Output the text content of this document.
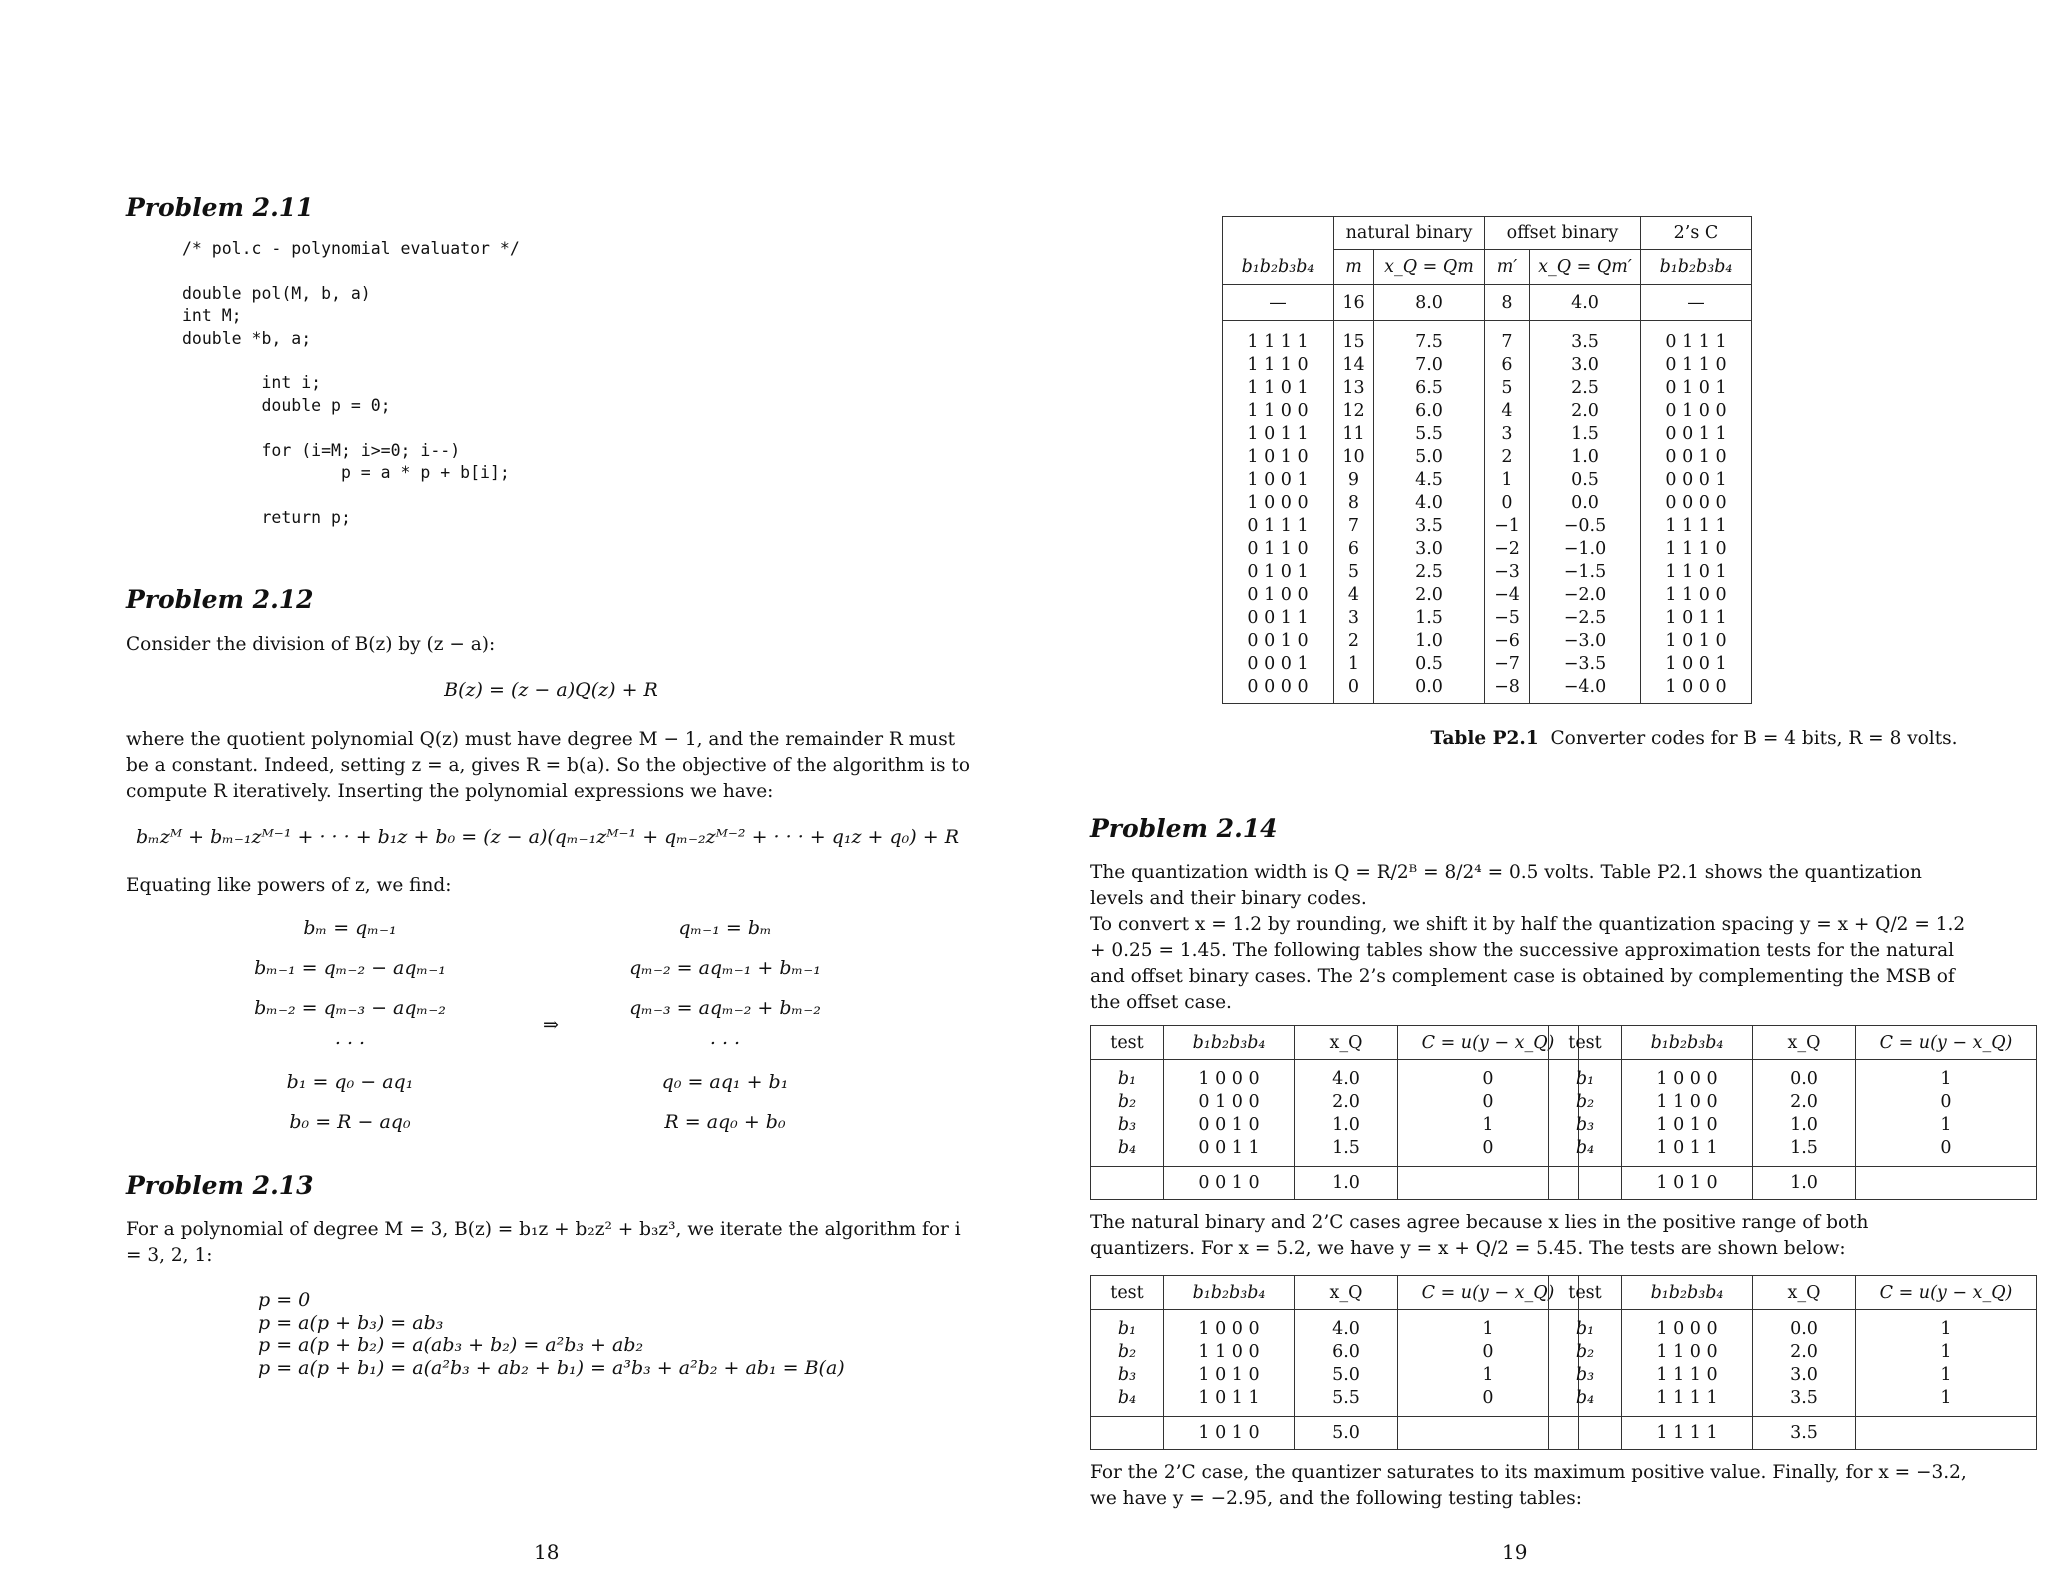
Problem 2.11
/* pol.c - polynomial evaluator */

double pol(M, b, a)
int M;
double *b, a;

int i;
double p = 0;

for (i=M; i>=0; i--)
p = a * p + b[i];

return p;
Problem 2.12
Consider the division of B(z) by (z − a):
B(z) = (z − a)Q(z) + R
where the quotient polynomial Q(z) must have degree M − 1, and the remainder R must be a constant. Indeed, setting z = a, gives R = b(a). So the objective of the algorithm is to compute R iteratively. Inserting the polynomial expressions we have:
bₘzᴹ + bₘ₋₁zᴹ⁻¹ + · · · + b₁z + b₀ = (z − a)(qₘ₋₁zᴹ⁻¹ + qₘ₋₂zᴹ⁻² + · · · + q₁z + q₀) + R
Equating like powers of z, we find:
bₘ = qₘ₋₁
bₘ₋₁ = qₘ₋₂ − aqₘ₋₁
bₘ₋₂ = qₘ₋₃ − aqₘ₋₂
. . .
b₁ = q₀ − aq₁
b₀ = R − aq₀
⇒
qₘ₋₁ = bₘ
qₘ₋₂ = aqₘ₋₁ + bₘ₋₁
qₘ₋₃ = aqₘ₋₂ + bₘ₋₂
. . .
q₀ = aq₁ + b₁
R = aq₀ + b₀
Problem 2.13
For a polynomial of degree M = 3, B(z) = b₁z + b₂z² + b₃z³, we iterate the algorithm for i = 3, 2, 1:
p = 0
p = a(p + b₃) = ab₃
p = a(p + b₂) = a(ab₃ + b₂) = a²b₃ + ab₂
p = a(p + b₁) = a(a²b₃ + ab₂ + b₁) = a³b₃ + a²b₂ + ab₁ = B(a)
18
	natural binary		offset binary		2’s C
b₁b₂b₃b₄	m	x_Q = Qm	m′	x_Q = Qm′	b₁b₂b₃b₄
—	16	8.0	8	4.0	—
1 1 1 1	15	7.5	7	3.5	0 1 1 1
1 1 1 0	14	7.0	6	3.0	0 1 1 0
1 1 0 1	13	6.5	5	2.5	0 1 0 1
1 1 0 0	12	6.0	4	2.0	0 1 0 0
1 0 1 1	11	5.5	3	1.5	0 0 1 1
1 0 1 0	10	5.0	2	1.0	0 0 1 0
1 0 0 1	9	4.5	1	0.5	0 0 0 1
1 0 0 0	8	4.0	0	0.0	0 0 0 0
0 1 1 1	7	3.5	−1	−0.5	1 1 1 1
0 1 1 0	6	3.0	−2	−1.0	1 1 1 0
0 1 0 1	5	2.5	−3	−1.5	1 1 0 1
0 1 0 0	4	2.0	−4	−2.0	1 1 0 0
0 0 1 1	3	1.5	−5	−2.5	1 0 1 1
0 0 1 0	2	1.0	−6	−3.0	1 0 1 0
0 0 0 1	1	0.5	−7	−3.5	1 0 0 1
0 0 0 0	0	0.0	−8	−4.0	1 0 0 0
Table P2.1 Converter codes for B = 4 bits, R = 8 volts.
Problem 2.14
The quantization width is Q = R/2ᴮ = 8/2⁴ = 0.5 volts. Table P2.1 shows the quantization levels and their binary codes.
To convert x = 1.2 by rounding, we shift it by half the quantization spacing y = x + Q/2 = 1.2 + 0.25 = 1.45. The following tables show the successive approximation tests for the natural and offset binary cases. The 2’s complement case is obtained by complementing the MSB of the offset case.
test	b₁b₂b₃b₄	x_Q	C = u(y − x_Q)
b₁	1 0 0 0	4.0	0
b₂	0 1 0 0	2.0	0
b₃	0 0 1 0	1.0	1
b₄	0 0 1 1	1.5	0
	0 0 1 0	1.0	
test	b₁b₂b₃b₄	x_Q	C = u(y − x_Q)
b₁	1 0 0 0	0.0	1
b₂	1 1 0 0	2.0	0
b₃	1 0 1 0	1.0	1
b₄	1 0 1 1	1.5	0
	1 0 1 0	1.0	
The natural binary and 2’C cases agree because x lies in the positive range of both quantizers. For x = 5.2, we have y = x + Q/2 = 5.45. The tests are shown below:
test	b₁b₂b₃b₄	x_Q	C = u(y − x_Q)
b₁	1 0 0 0	4.0	1
b₂	1 1 0 0	6.0	0
b₃	1 0 1 0	5.0	1
b₄	1 0 1 1	5.5	0
	1 0 1 0	5.0	
test	b₁b₂b₃b₄	x_Q	C = u(y − x_Q)
b₁	1 0 0 0	0.0	1
b₂	1 1 0 0	2.0	1
b₃	1 1 1 0	3.0	1
b₄	1 1 1 1	3.5	1
	1 1 1 1	3.5	
For the 2’C case, the quantizer saturates to its maximum positive value. Finally, for x = −3.2, we have y = −2.95, and the following testing tables:
19
